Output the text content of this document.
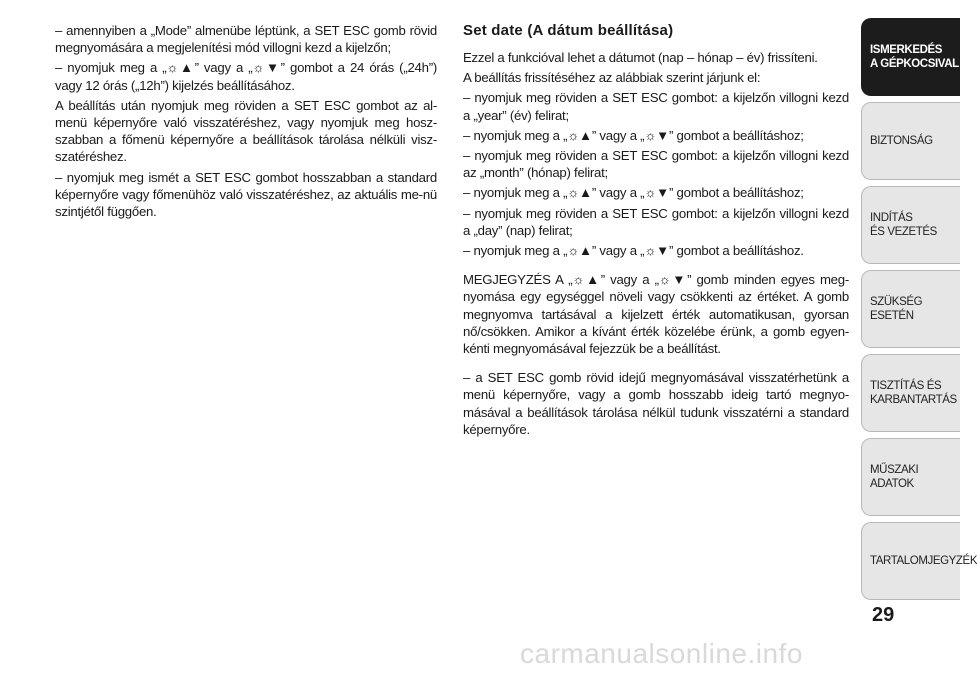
– amennyiben a „Mode” almenübe léptünk, a SET ESC gomb rövid megnyomására a megjelenítési mód villogni kezd a kijelzőn;

– nyomjuk meg a „☼▲” vagy a „☼▼” gombot a 24 órás („24h”) vagy 12 órás („12h”) kijelzés beállításához.

A beállítás után nyomjuk meg röviden a SET ESC gombot az al-menü képernyőre való visszatéréshez, vagy nyomjuk meg hosz-szabban a főmenü képernyőre a beállítások tárolása nélküli visz-szatéréshez.

– nyomjuk meg ismét a SET ESC gombot hosszabban a standard képernyőre vagy főmenühöz való visszatéréshez, az aktuális me-nü szintjétől függően.

Set date (A dátum beállítása)

Ezzel a funkcióval lehet a dátumot (nap – hónap – év) frissíteni.

A beállítás frissítéséhez az alábbiak szerint járjunk el:

– nyomjuk meg röviden a SET ESC gombot: a kijelzőn villogni kezd a „year” (év) felirat;

– nyomjuk meg a „☼▲” vagy a „☼▼” gombot a beállításhoz;

– nyomjuk meg röviden a SET ESC gombot: a kijelzőn villogni kezd az „month” (hónap) felirat;

– nyomjuk meg a „☼▲” vagy a „☼▼” gombot a beállításhoz;

– nyomjuk meg röviden a SET ESC gombot: a kijelzőn villogni kezd a „day” (nap) felirat;

– nyomjuk meg a „☼▲” vagy a „☼▼” gombot a beállításhoz.

MEGJEGYZÉS A „☼▲” vagy a „☼▼” gomb minden egyes meg-nyomása egy egységgel növeli vagy csökkenti az értéket. A gomb megnyomva tartásával a kijelzett érték automatikusan, gyorsan nő/csökken. Amikor a kívánt érték közelébe érünk, a gomb egyen-kénti megnyomásával fejezzük be a beállítást.

– a SET ESC gomb rövid idejű megnyomásával visszatérhetünk a menü képernyőre, vagy a gomb hosszabb ideig tartó megnyo-másával a beállítások tárolása nélkül tudunk visszatérni a standard képernyőre.

ISMERKEDÉS
A GÉPKOCSIVAL
BIZTONSÁG
INDÍTÁS
ÉS VEZETÉS
SZÜKSÉG
ESETÉN
TISZTÍTÁS ÉS
KARBANTARTÁS
MŰSZAKI
ADATOK
TARTALOMJEGYZÉK
29
carmanualsonline.info
